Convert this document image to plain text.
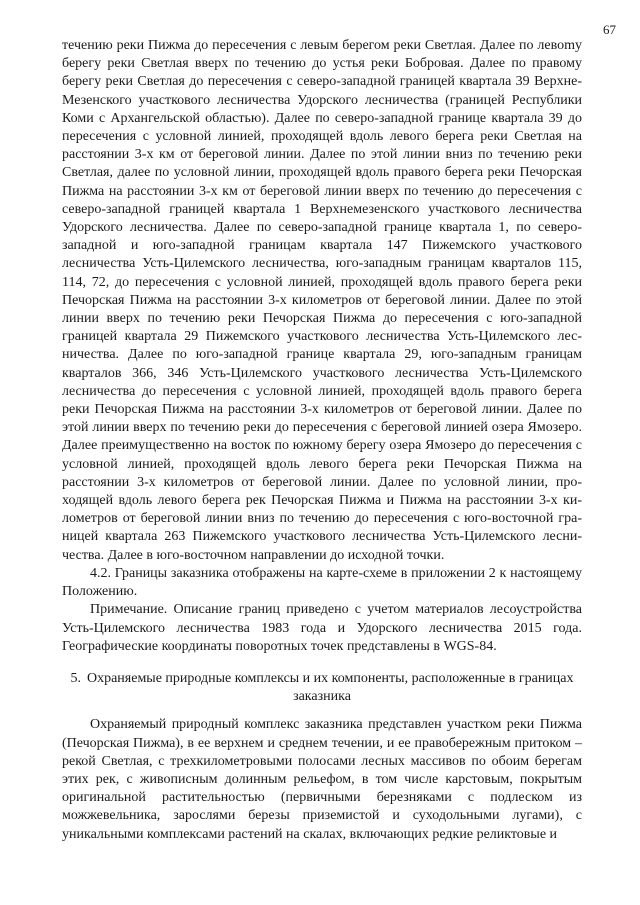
67

течению реки Пижма до пересечения с левым берегом реки Светлая. Далее по левоmу берегу реки Светлая вверх по течению до устья реки Бобровая. Далее по правому берегу реки Светлая до пересечения с северо-западной границей квартала 39 Верхне-Мезенского участкового лесничества Удорского лесничества (границей Республики Коми с Архангельской областью). Далее по северо-западной границе квартала 39 до пересечения с условной линией, проходящей вдоль левого берега реки Светлая на расстоянии 3-х км от береговой линии. Далее по этой линии вниз по течению реки Светлая, далее по условной линии, проходящей вдоль правого берега реки Печорская Пижма на расстоянии 3-х км от береговой линии вверх по течению до пересечения с северо-западной границей квартала 1 Верхнемезенского участкового лесничества Удорского лесничества. Далее по северо-западной границе квартала 1, по северо-западной и юго-западной границам квартала 147 Пижемского участкового лесничества Усть-Цилемского лесничества, юго-западным границам кварталов 115, 114, 72, до пересечения с условной линией, проходящей вдоль правого берега реки Печорская Пижма на расстоянии 3-х километров от береговой линии. Далее по этой линии вверх по течению реки Печорская Пижма до пересечения с юго-западной границей квартала 29 Пижемского участкового лесничества Усть-Цилемского лесничества. Далее по юго-западной границе квартала 29, юго-западным границам кварталов 366, 346 Усть-Цилемского участкового лесничества Усть-Цилемского лесничества до пересечения с условной линией, проходящей вдоль правого берега реки Печорская Пижма на расстоянии 3-х километров от береговой линии. Далее по этой линии вверх по течению реки до пересечения с береговой линией озера Ямозеро. Далее преимущественно на восток по южному берегу озера Ямозеро до пересечения с условной линией, проходящей вдоль левого берега реки Печорская Пижма на расстоянии 3-х километров от береговой линии. Далее по условной линии, проходящей вдоль левого берега рек Печорская Пижма и Пижма на расстоянии 3-х километров от береговой линии вниз по течению до пересечения с юго-восточной границей квартала 263 Пижемского участкового лесничества Усть-Цилемского лесничества. Далее в юго-восточном направлении до исходной точки.

4.2. Границы заказника отображены на карте-схеме в приложении 2 к настоящему Положению.

Примечание. Описание границ приведено с учетом материалов лесоустройства Усть-Цилемского лесничества 1983 года и Удорского лесничества 2015 года. Географические координаты поворотных точек представлены в WGS-84.

5. Охраняемые природные комплексы и их компоненты, расположенные в границах заказника

Охраняемый природный комплекс заказника представлен участком реки Пижма (Печорская Пижма), в ее верхнем и среднем течении, и ее правобережным притоком – рекой Светлая, с трехкилометровыми полосами лесных массивов по обоим берегам этих рек, с живописным долинным рельефом, в том числе карстовым, покрытым оригинальной растительностью (первичными березняками с подлеском из можжевельника, зарослями березы приземистой и суходольными лугами), с уникальными комплексами растений на скалах, включающих редкие реликтовые и
